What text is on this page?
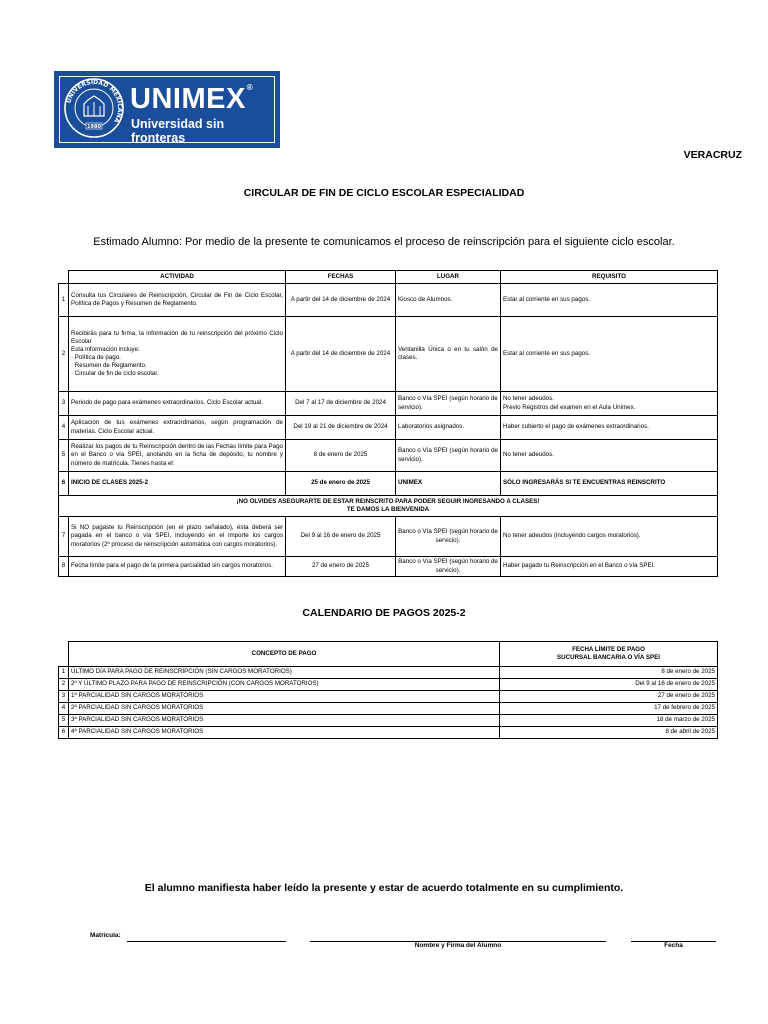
UNIVERSIDAD MEXICANA
1980
UNIMEX®
Universidad sin fronteras
VERACRUZ
CIRCULAR DE FIN DE CICLO ESCOLAR ESPECIALIDAD
Estimado Alumno: Por medio de la presente te comunicamos el proceso de reinscripción para el siguiente ciclo escolar.
	ACTIVIDAD	FECHAS	LUGAR	REQUISITO
1	Consulta tus Circulares de Reinscripción, Circular de Fin de Ciclo Escolar, Política de Pagos y Resumen de Reglamento.	A partir del 14 de diciembre de 2024	Kiosco de Alumnos.	Estar al corriente en sus pagos.
2	Recibirás para tu firma, la información de tu reinscripción del próximo Ciclo Escolar
Esta información incluye:
· Política de pago.
· Resumen de Reglamento.
· Circular de fin de ciclo escolar.	A partir del 14 de diciembre de 2024	Ventanilla Única o en tu salón de clases.	Estar al corriente en sus pagos.
3	Periodo de pago para exámenes extraordinarios. Ciclo Escolar actual.	Del 7 al 17 de diciembre de 2024	Banco o Vía SPEI (según horario de servicio).	No tener adeudos.
Previo Registros del examen en el Aula Unimex.

4	Aplicación de tus exámenes extraordinarios, según programación de materias. Ciclo Escolar actual.	Del 19 al 21 de diciembre de 2024	Laboratorios asignados.	Haber cubierto el pago de exámenes extraordinarios.
5	Realizar los pagos de tu Reinscripción dentro de las Fechas límite para Pago en el Banco o vía SPEI, anotando en la ficha de depósito, tu nombre y número de matrícula. Tienes hasta el:	8 de enero de 2025	Banco o Vía SPEI (según horario de servicio).	No tener adeudos.
6	INICIO DE CLASES 2025-2	25 de enero de 2025	UNIMEX	SÓLO INGRESARÁS SI TE ENCUENTRAS REINSCRITO

¡NO OLVIDES ASEGURARTE DE ESTAR REINSCRITO PARA PODER SEGUIR INGRESANDO A CLASES!
TE DAMOS LA BIENVENIDA				

7	Si NO pagaste tu Reinscripción (en el plazo señalado), ésta deberá ser pagada en el banco o vía SPEI, incluyendo en el importe los cargos moratorios (2º proceso de reinscripción automática con cargos moratorios).	Del 9 al 16 de enero de 2025	Banco o Vía SPEI (según horario de servicio).	No tener adeudos (incluyendo cargos moratorios).
8	Fecha límite para el pago de la primera parcialidad sin cargos moratorios.	27 de enero de 2025	Banco o Vía SPEI (según horario de servicio).	Haber pagado tu Reinscripción en el Banco o vía SPEI.
CALENDARIO DE PAGOS 2025-2
	CONCEPTO DE PAGO	FECHA LÍMITE DE PAGO
SUCURSAL BANCARIA O VÍA SPEI

1	ÚLTIMO DÍA PARA PAGO DE REINSCRIPCIÓN (SIN CARGOS MORATORIOS)	8 de enero de 2025
2	2º Y ÚLTIMO PLAZO PARA PAGO DE REINSCRIPCIÓN (CON CARGOS MORATORIOS)	Del 9 al 16 de enero de 2025
3	1ª PARCIALIDAD SIN CARGOS MORATORIOS	27 de enero de 2025
4	2ª PARCIALIDAD SIN CARGOS MORATORIOS	17 de febrero de 2025
5	3ª PARCIALIDAD SIN CARGOS MORATORIOS	18 de marzo de 2025
6	4ª PARCIALIDAD SIN CARGOS MORATORIOS	8 de abril de 2025
El alumno manifiesta haber leído la presente y estar de acuerdo totalmente en su cumplimiento.
Matrícula:
Nombre y Firma del Alumno	Fecha
